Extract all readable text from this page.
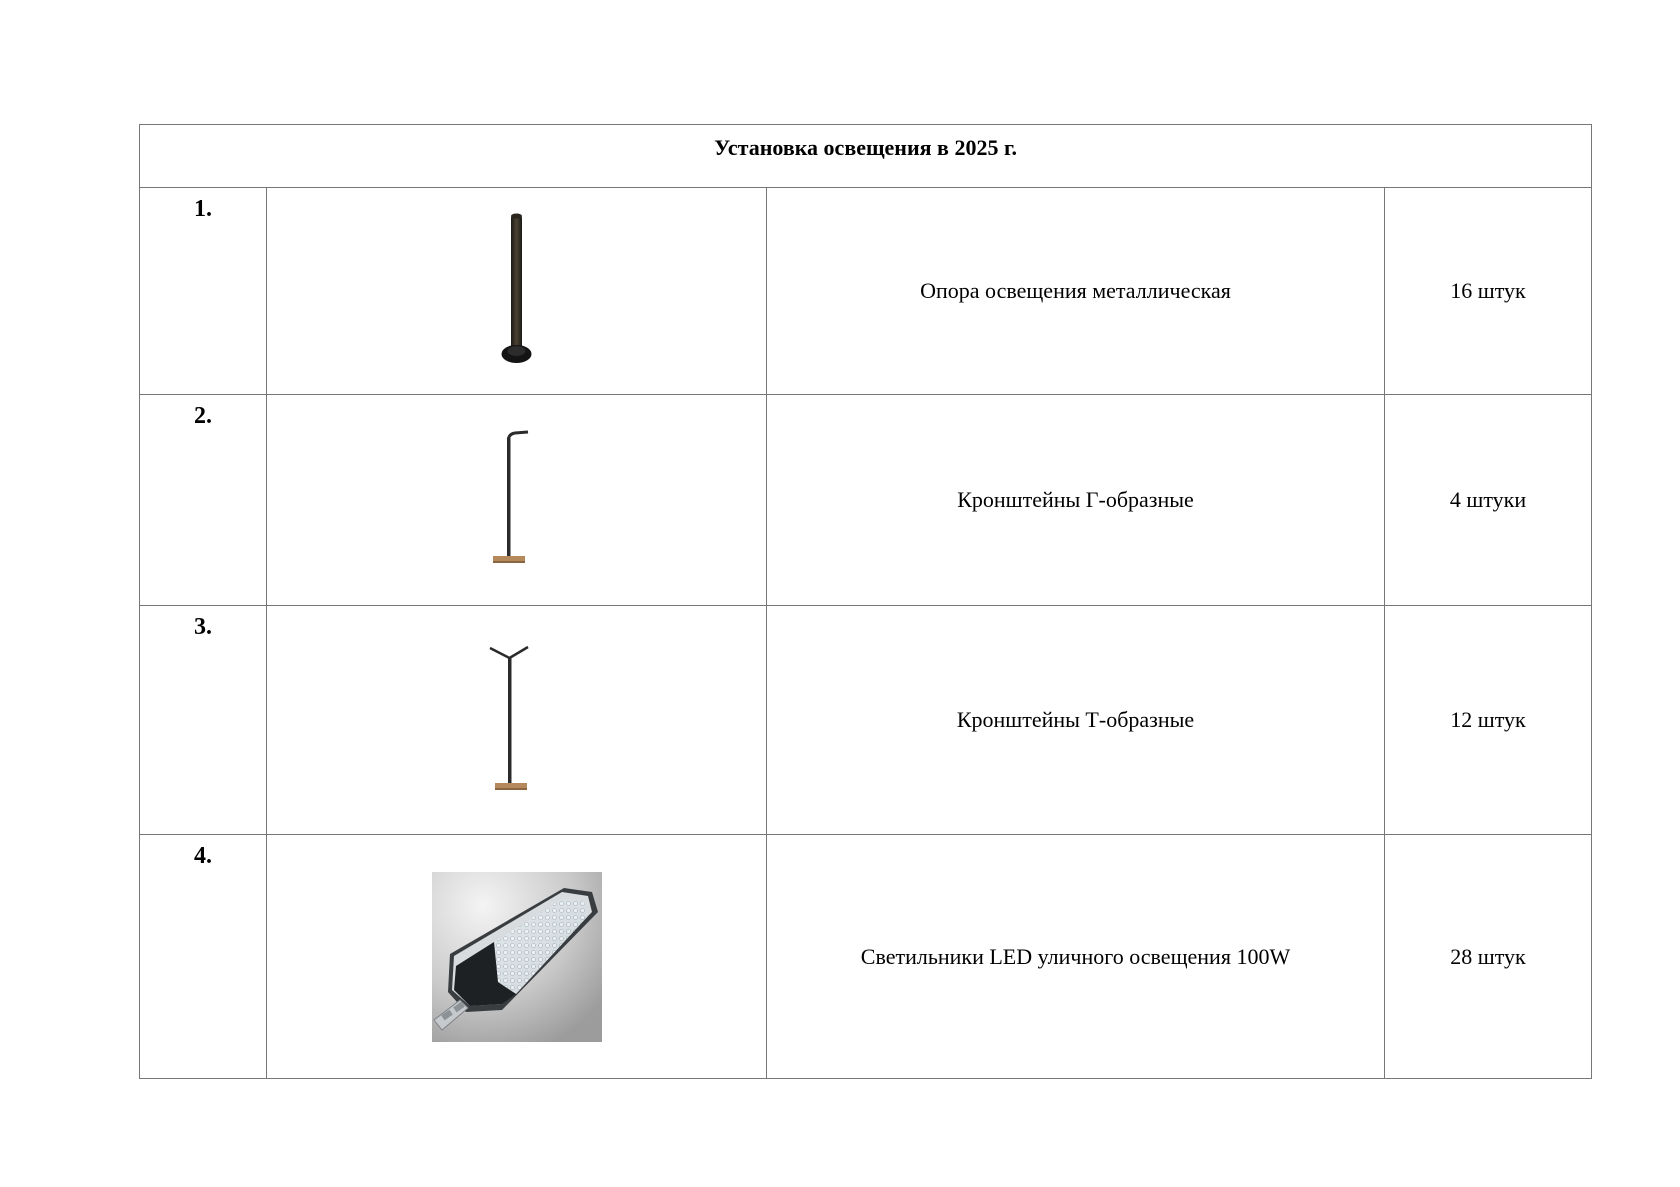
Установка освещения в 2025 г.			
1.		Опора освещения металлическая	16 штук
2.		Кронштейны Г-образные	4 штуки
3.		Кронштейны Т-образные	12 штук
4.		Светильники LED уличного освещения 100W	28 штук
